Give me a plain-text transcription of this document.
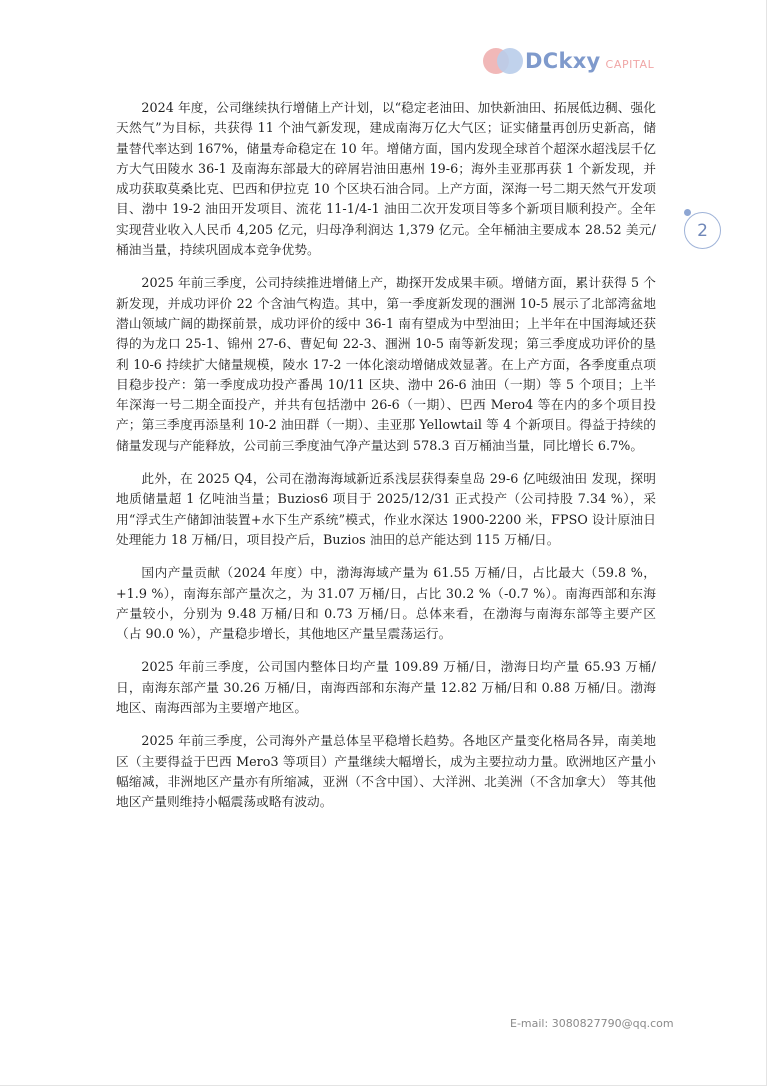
DCkxy CAPITAL
2

2024 年度，公司继续执行增储上产计划，以“稳定老油田、加快新油田、拓展低边稠、强化天然气”为目标，共获得 11 个油气新发现，建成南海万亿大气区；证实储量再创历史新高，储量替代率达到 167%，储量寿命稳定在 10 年。增储方面，国内发现全球首个超深水超浅层千亿方大气田陵水 36-1 及南海东部最大的碎屑岩油田惠州 19-6；海外圭亚那再获 1 个新发现，并成功获取莫桑比克、巴西和伊拉克 10 个区块石油合同。上产方面，深海一号二期天然气开发项目、渤中 19-2 油田开发项目、流花 11-1/4-1 油田二次开发项目等多个新项目顺利投产。全年实现营业收入人民币 4,205 亿元，归母净利润达 1,379 亿元。全年桶油主要成本 28.52 美元/桶油当量，持续巩固成本竞争优势。

2025 年前三季度，公司持续推进增储上产，勘探开发成果丰硕。增储方面，累计获得 5 个新发现，并成功评价 22 个含油气构造。其中，第一季度新发现的涠洲 10-5 展示了北部湾盆地潜山领域广阔的勘探前景，成功评价的绥中 36-1 南有望成为中型油田；上半年在中国海域还获得的为龙口 25-1、锦州 27-6、曹妃甸 22-3、涠洲 10-5 南等新发现；第三季度成功评价的垦利 10-6 持续扩大储量规模，陵水 17-2 一体化滚动增储成效显著。在上产方面，各季度重点项目稳步投产：第一季度成功投产番禺 10/11 区块、渤中 26-6 油田（一期）等 5 个项目；上半年深海一号二期全面投产，并共有包括渤中 26-6（一期）、巴西 Mero4 等在内的多个项目投产；第三季度再添垦利 10-2 油田群（一期）、圭亚那 Yellowtail 等 4 个新项目。得益于持续的储量发现与产能释放，公司前三季度油气净产量达到 578.3 百万桶油当量，同比增长 6.7%。

此外，在 2025 Q4，公司在渤海海域新近系浅层获得秦皇岛 29-6 亿吨级油田 发现，探明地质储量超 1 亿吨油当量；Buzios6 项目于 2025/12/31 正式投产（公司持股 7.34 %），采用“浮式生产储卸油装置+水下生产系统”模式，作业水深达 1900-2200 米，FPSO 设计原油日处理能力 18 万桶/日，项目投产后，Buzios 油田的总产能达到 115 万桶/日。

国内产量贡献（2024 年度）中，渤海海域产量为 61.55 万桶/日，占比最大（59.8 %，+1.9 %），南海东部产量次之，为 31.07 万桶/日，占比 30.2 %（-0.7 %）。南海西部和东海产量较小，分别为 9.48 万桶/日和 0.73 万桶/日。总体来看，在渤海与南海东部等主要产区（占 90.0 %），产量稳步增长，其他地区产量呈震荡运行。

2025 年前三季度，公司国内整体日均产量 109.89 万桶/日，渤海日均产量 65.93 万桶/日，南海东部产量 30.26 万桶/日，南海西部和东海产量 12.82 万桶/日和 0.88 万桶/日。渤海地区、南海西部为主要增产地区。

2025 年前三季度，公司海外产量总体呈平稳增长趋势。各地区产量变化格局各异，南美地区（主要得益于巴西 Mero3 等项目）产量继续大幅增长，成为主要拉动力量。欧洲地区产量小幅缩减，非洲地区产量亦有所缩减，亚洲（不含中国）、大洋洲、北美洲（不含加拿大） 等其他地区产量则维持小幅震荡或略有波动。

E-mail: 3080827790@qq.com
